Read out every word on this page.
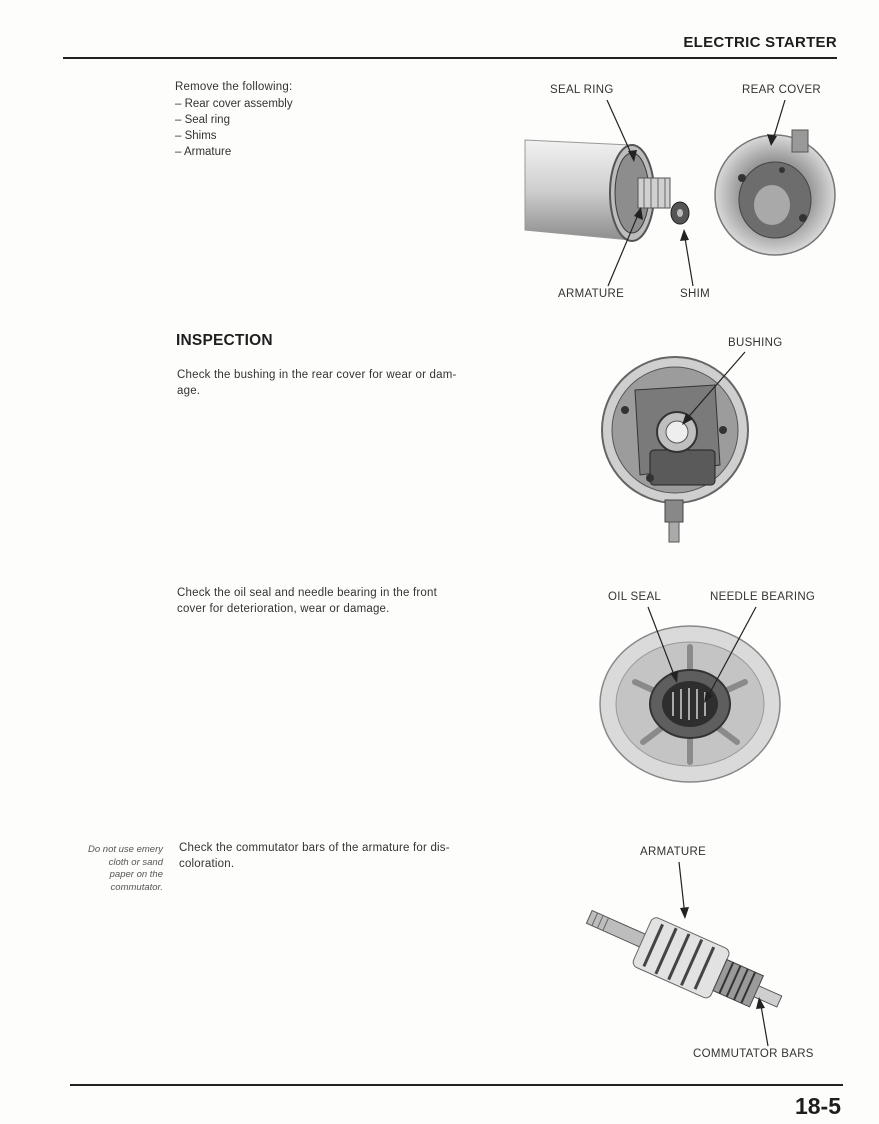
ELECTRIC STARTER
Remove the following:
– Rear cover assembly
– Seal ring
– Shims
– Armature
SEAL RING	REAR COVER
ARMATURE	SHIM
INSPECTION
Check the bushing in the rear cover for wear or dam-
age.
BUSHING
Check the oil seal and needle bearing in the front
cover for deterioration, wear or damage.
OIL SEAL	NEEDLE BEARING
Do not use emery
cloth or sand
paper on the
commutator.
Check the commutator bars of the armature for dis-
coloration.
ARMATURE
COMMUTATOR BARS
18-5
